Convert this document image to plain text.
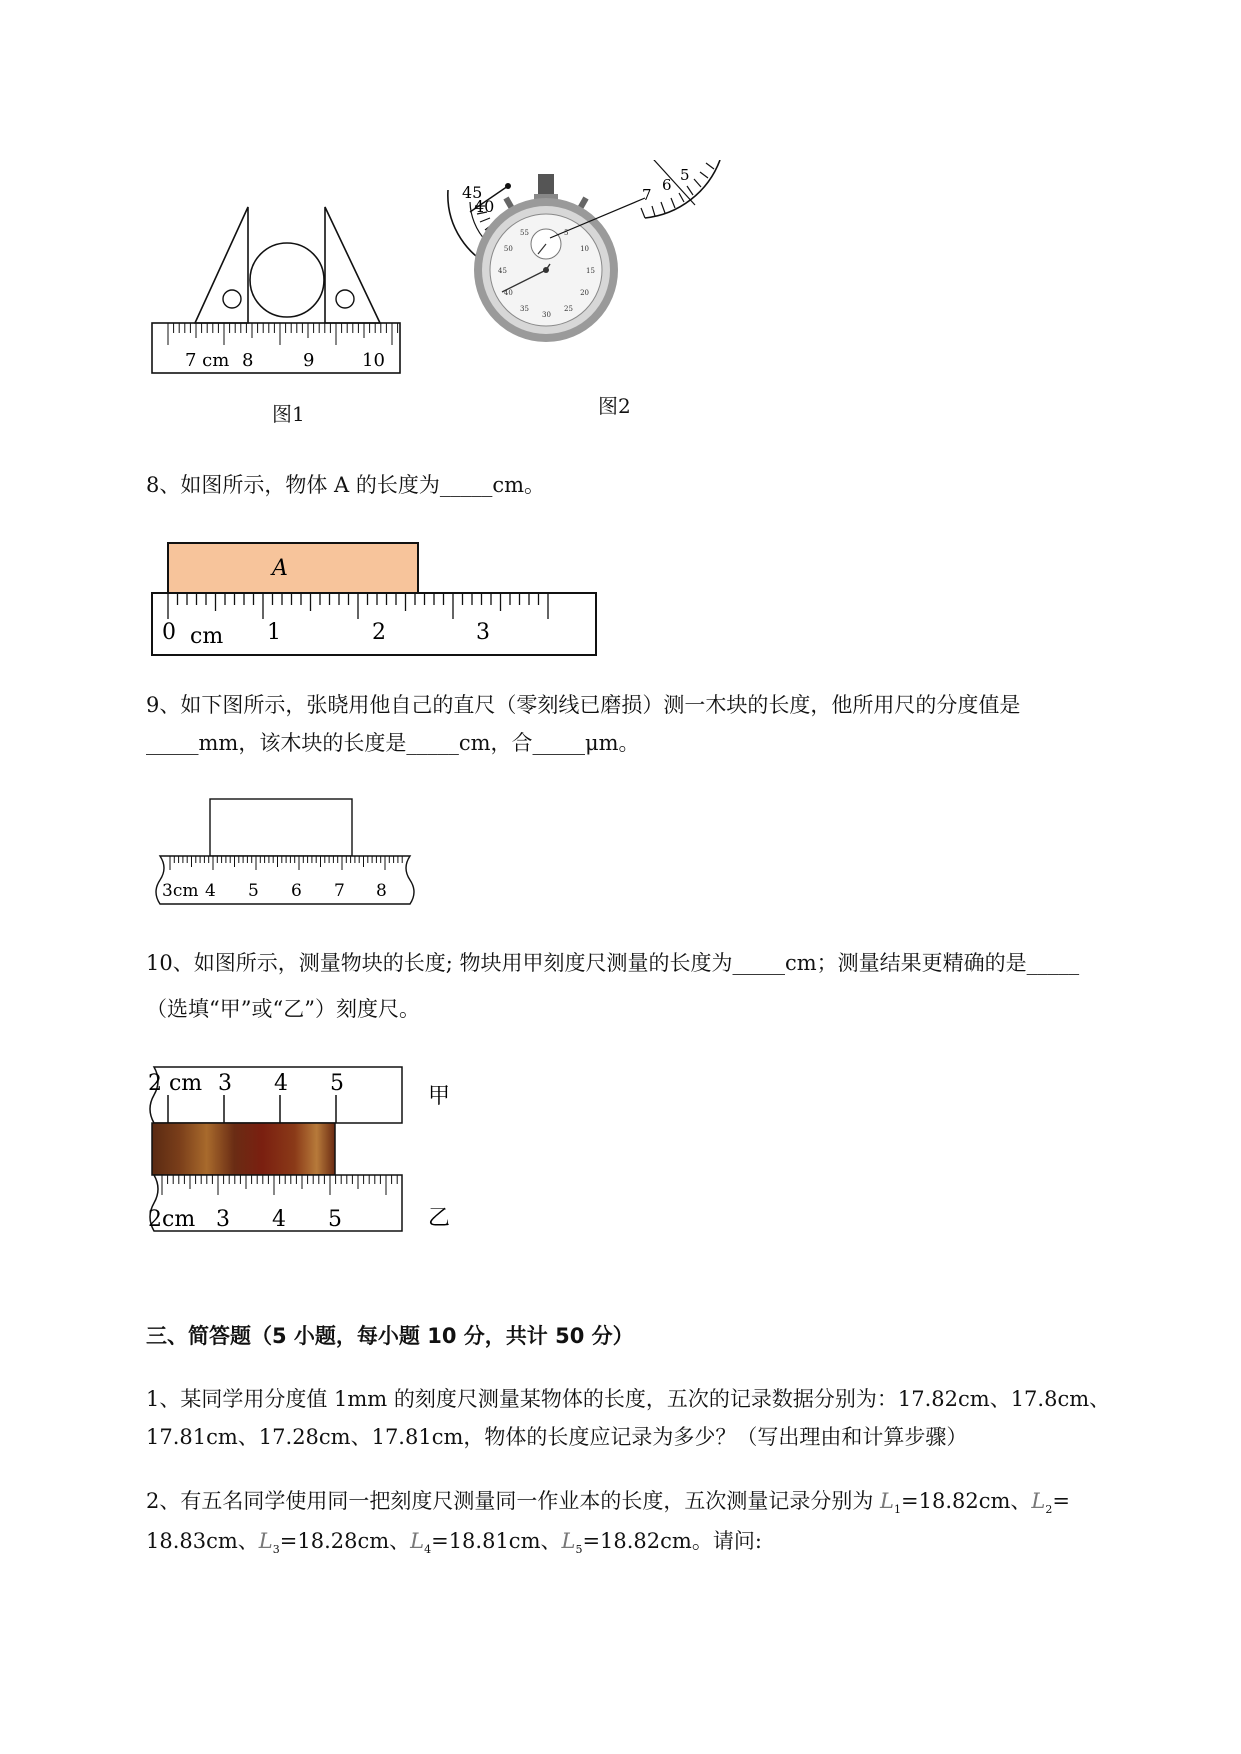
7 cm 8	9	10
图1
45
40
55	5
10
15
20
25
30
35
40
45
50
7
6
5
图2
8、如图所示，物体 A 的长度为_____cm。
A
0 cm 1	2	3
9、如下图所示，张晓用他自己的直尺（零刻线已磨损）测一木块的长度，他所用尺的分度值是
_____mm，该木块的长度是_____cm，合_____μm。
3cm 4 5 6 7 8
10、如图所示，测量物块的长度; 物块用甲刻度尺测量的长度为_____cm；测量结果更精确的是_____
（选填“甲”或“乙”）刻度尺。
2 cm 3 4 5
2cm 3 4 5
甲
乙
三、简答题（5 小题，每小题 10 分，共计 50 分）
1、某同学用分度值 1mm 的刻度尺测量某物体的长度，五次的记录数据分别为：17.82cm、17.8cm、
17.81cm、17.28cm、17.81cm，物体的长度应记录为多少？（写出理由和计算步骤）
2、有五名同学使用同一把刻度尺测量同一作业本的长度，五次测量记录分别为 $L_1=18.82cm$、$L_2=$
18.83cm、$L_3=18.28cm$、$L_4=18.81cm$、$L_5=18.82cm$。请问:
